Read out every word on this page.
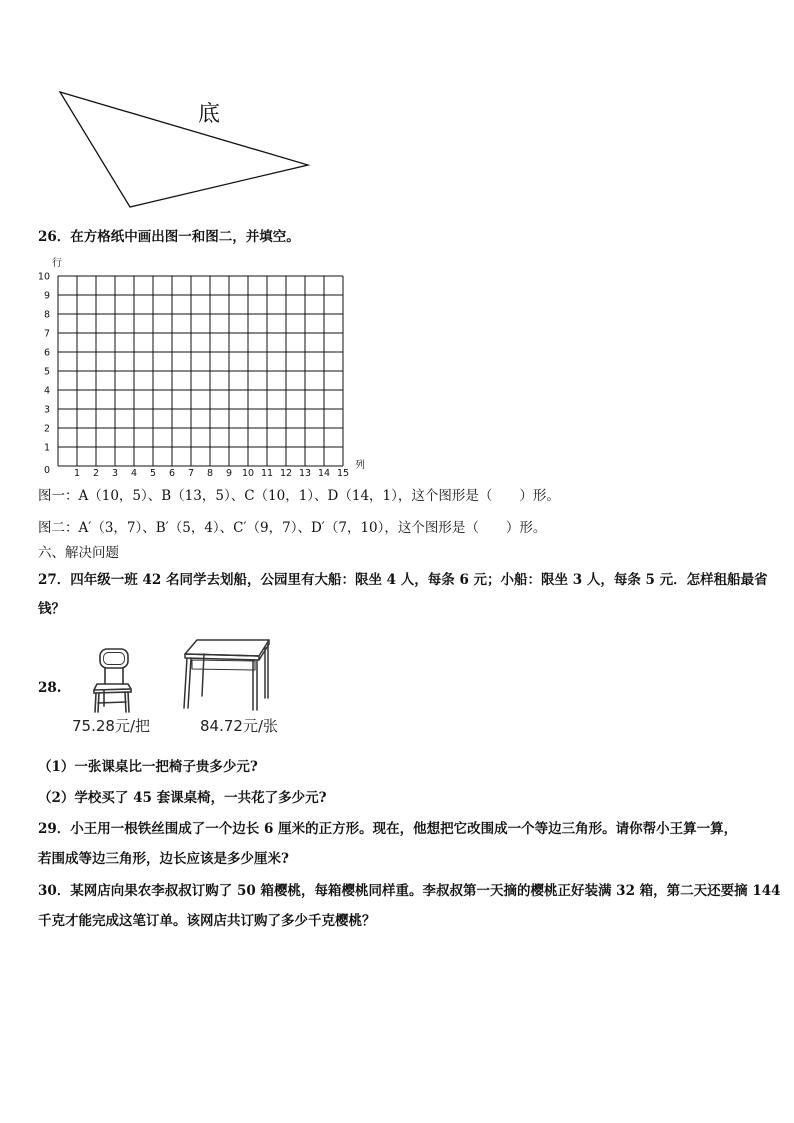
底
26．在方格纸中画出图一和图二，并填空。
行
列
0
1
2
3
4
5
6
7
8
9
10
1 2 3 4 5 6 7 8 9 10 11 12 13 14 15
图一：A（10，5）、B（13，5）、C（10，1）、D（14，1），这个图形是（　　）形。
图二：A′（3，7）、B′（5，4）、C′（9，7）、D′（7，10），这个图形是（　　）形。
六、解决问题
27．四年级一班 42 名同学去划船，公园里有大船：限坐 4 人，每条 6 元；小船：限坐 3 人，每条 5 元．怎样租船最省
钱？
28.
75.28元/把	84.72元/张
（1）一张课桌比一把椅子贵多少元?
（2）学校买了 45 套课桌椅，一共花了多少元?
29．小王用一根铁丝围成了一个边长 6 厘米的正方形。现在，他想把它改围成一个等边三角形。请你帮小王算一算，
若围成等边三角形，边长应该是多少厘米?
30．某网店向果农李叔叔订购了 50 箱樱桃，每箱樱桃同样重。李叔叔第一天摘的樱桃正好装满 32 箱，第二天还要摘 144
千克才能完成这笔订单。该网店共订购了多少千克樱桃？
